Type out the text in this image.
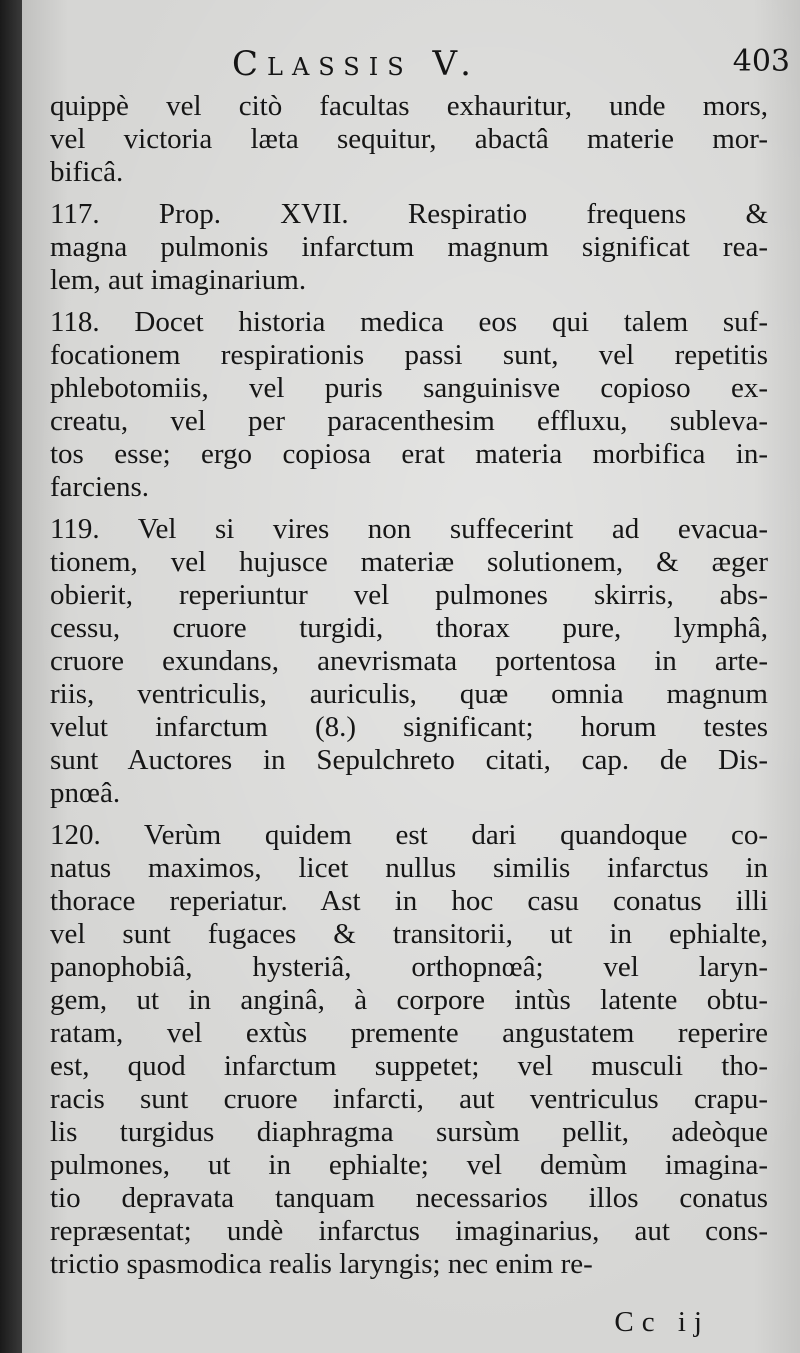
Classis V.	403
quippè vel citò facultas exhauritur, unde mors,
vel victoria læta sequitur, abactâ materie mor-
bificâ.
117. Prop. XVII. Respiratio frequens &
magna pulmonis infarctum magnum significat rea-
lem, aut imaginarium.
118. Docet historia medica eos qui talem suf-
focationem respirationis passi sunt, vel repetitis
phlebotomiis, vel puris sanguinisve copioso ex-
creatu, vel per paracenthesim effluxu, sublevа-
tos esse; ergo copiosa erat materia morbifica in-
farciens.
119. Vel si vires non suffecerint ad evacua-
tionem, vel hujusce materiæ solutionem, & æger
obierit, reperiuntur vel pulmones skirris, abs-
cessu, cruore turgidi, thorax pure, lymphâ,
cruore exundans, anevrismata portentosa in arte-
riis, ventriculis, auriculis, quæ omnia magnum
velut infarctum (8.) significant; horum testes
sunt Auctores in Sepulchreto citati, cap. de Dis-
pnœâ.
120. Verùm quidem est dari quandoque co-
natus maximos, licet nullus similis infarctus in
thorace reperiatur. Ast in hoc casu conatus illi
vel sunt fugaces & transitorii, ut in ephialte,
panophobiâ, hysteriâ, orthopnœâ; vel laryn-
gem, ut in anginâ, à corpore intùs latente obtu-
ratam, vel extùs premente angustatem reperire
est, quod infarctum suppetet; vel musculi tho-
racis sunt cruore infarcti, aut ventriculus crapu-
lis turgidus diaphragma sursùm pellit, adeòque
pulmones, ut in ephialte; vel demùm imagina-
tio depravata tanquam necessarios illos conatus
repræsentat; undè infarctus imaginarius, aut cons-
trictio spasmodica realis laryngis; nec enim re-
Cc ij
